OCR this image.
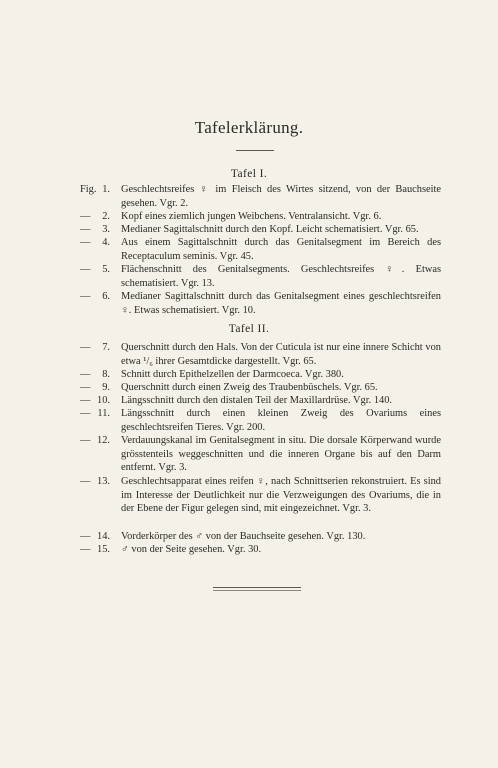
Tafelerklärung.
Tafel I.
Fig. 1. Geschlechtsreifes ♀ im Fleisch des Wirtes sitzend, von der Bauchseite gesehen. Vgr. 2.
—	2. Kopf eines ziemlich jungen Weibchens. Ventralansicht. Vgr. 6.
—	3. Medianer Sagittalschnitt durch den Kopf. Leicht schematisiert. Vgr. 65.
—	4. Aus einem Sagittalschnitt durch das Genitalsegment im Bereich des Receptaculum seminis. Vgr. 45.
—	5. Flächenschnitt des Genitalsegments. Geschlechtsreifes ♀. Etwas schematisiert. Vgr. 13.
—	6. Medianer Sagittalschnitt durch das Genitalsegment eines geschlechtsreifen ♀. Etwas schematisiert. Vgr. 10.
Tafel II.
—	7. Querschnitt durch den Hals. Von der Cuticula ist nur eine innere Schicht von etwa ¹/₆ ihrer Gesamtdicke dargestellt. Vgr. 65.
—	8. Schnitt durch Epithelzellen der Darmcoeca. Vgr. 380.
—	9. Querschnitt durch einen Zweig des Traubenbüschels. Vgr. 65.
— 10. Längsschnitt durch den distalen Teil der Maxillardrüse. Vgr. 140.
— 11. Längsschnitt durch einen kleinen Zweig des Ovariums eines geschlechtsreifen Tieres. Vgr. 200.
— 12. Verdauungskanal im Genitalsegment in situ. Die dorsale Körperwand wurde grösstenteils weggeschnitten und die inneren Organe bis auf den Darm entfernt. Vgr. 3.
— 13. Geschlechtsapparat eines reifen ♀, nach Schnittserien rekonstruiert. Es sind im Interesse der Deutlichkeit nur die Verzweigungen des Ovariums, die in der Ebene der Figur gelegen sind, mit eingezeichnet. Vgr. 3.
— 14. Vorderkörper des ♂ von der Bauchseite gesehen. Vgr. 130.
— 15. ♂ von der Seite gesehen. Vgr. 30.
